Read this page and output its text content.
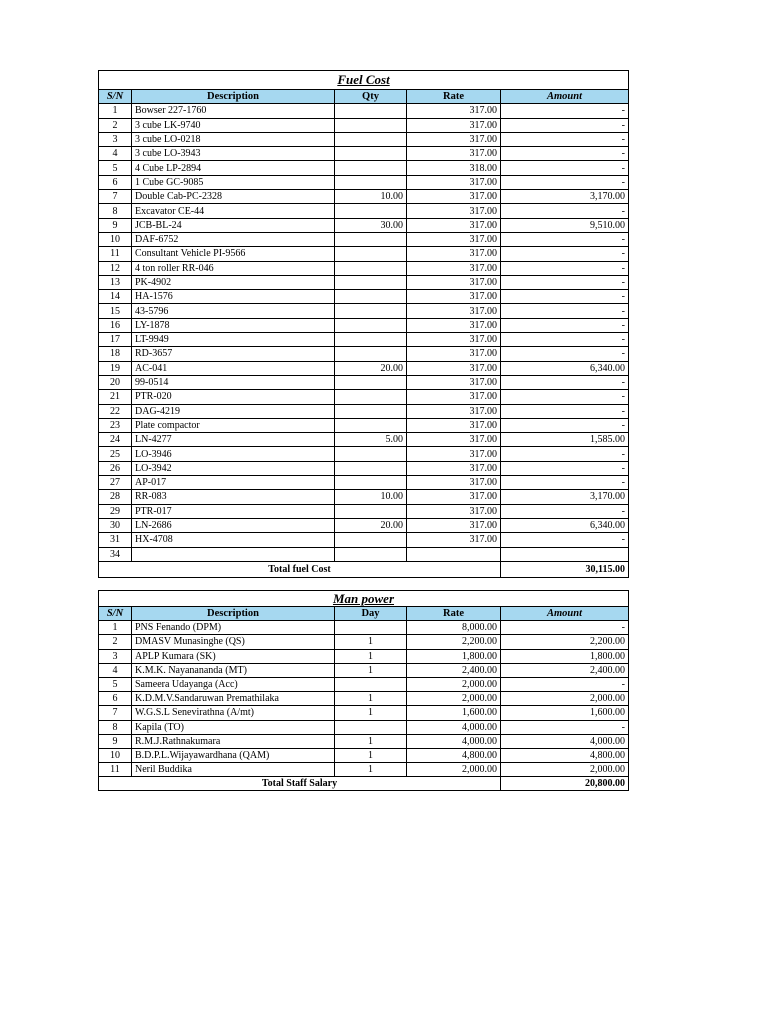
Fuel Cost				
S/N	Description	Qty	Rate	Amount
1	Bowser 227-1760		317.00	-
2	3 cube LK-9740		317.00	-
3	3 cube LO-0218		317.00	-
4	3 cube LO-3943		317.00	-
5	4 Cube LP-2894		318.00	-
6	1 Cube GC-9085		317.00	-
7	Double Cab-PC-2328	10.00	317.00	3,170.00
8	Excavator CE-44		317.00	-
9	JCB-BL-24	30.00	317.00	9,510.00
10	DAF-6752		317.00	-
11	Consultant Vehicle PI-9566		317.00	-
12	4 ton roller RR-046		317.00	-
13	PK-4902		317.00	-
14	HA-1576		317.00	-
15	43-5796		317.00	-
16	LY-1878		317.00	-
17	LT-9949		317.00	-
18	RD-3657		317.00	-
19	AC-041	20.00	317.00	6,340.00
20	99-0514		317.00	-
21	PTR-020		317.00	-
22	DAG-4219		317.00	-
23	Plate compactor		317.00	-
24	LN-4277	5.00	317.00	1,585.00
25	LO-3946		317.00	-
26	LO-3942		317.00	-
27	AP-017		317.00	-
28	RR-083	10.00	317.00	3,170.00
29	PTR-017		317.00	-
30	LN-2686	20.00	317.00	6,340.00
31	HX-4708		317.00	-
34				
Total fuel Cost				30,115.00
Man power				
S/N	Description	Day	Rate	Amount
1	PNS Fenando (DPM)		8,000.00	-
2	DMASV Munasinghe (QS)	1	2,200.00	2,200.00
3	APLP Kumara (SK)	1	1,800.00	1,800.00
4	K.M.K. Nayanananda (MT)	1	2,400.00	2,400.00
5	Sameera Udayanga (Acc)		2,000.00	-
6	K.D.M.V.Sandaruwan Premathilaka	1	2,000.00	2,000.00
7	W.G.S.L Senevirathna (A/mt)	1	1,600.00	1,600.00
8	Kapila (TO)		4,000.00	-
9	R.M.J.Rathnakumara	1	4,000.00	4,000.00
10	B.D.P.L.Wijayawardhana (QAM)	1	4,800.00	4,800.00
11	Neril Buddika	1	2,000.00	2,000.00
Total Staff Salary				20,800.00
